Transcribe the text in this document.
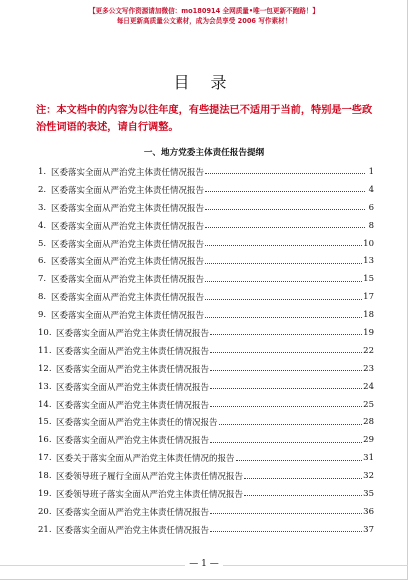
【更多公文写作资源请加微信：mo180914 全网质量•唯一包更新不跑路！】
每日更新高质量公文素材，成为会员享受 2006 写作素材！
目 录
注：本文档中的内容为以往年度，有些提法已不适用于当前，特别是一些政治性词语的表述，请自行调整。
一、地方党委主体责任报告提纲
1. 区委落实全面从严治党主体责任情况报告	1
2. 区委落实全面从严治党主体责任情况报告	4
3. 区委落实全面从严治党主体责任情况报告	6
4. 区委落实全面从严治党主体责任情况报告	8
5. 区委落实全面从严治党主体责任情况报告	10
6. 区委落实全面从严治党主体责任情况报告	13
7. 区委落实全面从严治党主体责任情况报告	15
8. 区委落实全面从严治党主体责任情况报告	17
9. 区委落实全面从严治党主体责任情况报告	18
10. 区委落实全面从严治党主体责任情况报告	19
11. 区委落实全面从严治党主体责任情况报告	22
12. 区委落实全面从严治党主体责任情况报告	23
13. 区委落实全面从严治党主体责任情况报告	24
14. 区委落实全面从严治党主体责任情况报告	25
15. 区委落实全面从严治党主体责任的情况报告	28
16. 区委落实全面从严治党主体责任情况报告	29
17. 区委关于落实全面从严治党主体责任情况的报告	31
18. 区委领导班子履行全面从严治党主体责任情况报告	32
19. 区委领导班子落实全面从严治党主体责任情况报告	35
20. 区委落实全面从严治党主体责任情况报告	36
21. 区委落实全面从严治党主体责任情况报告	37
— 1 —
